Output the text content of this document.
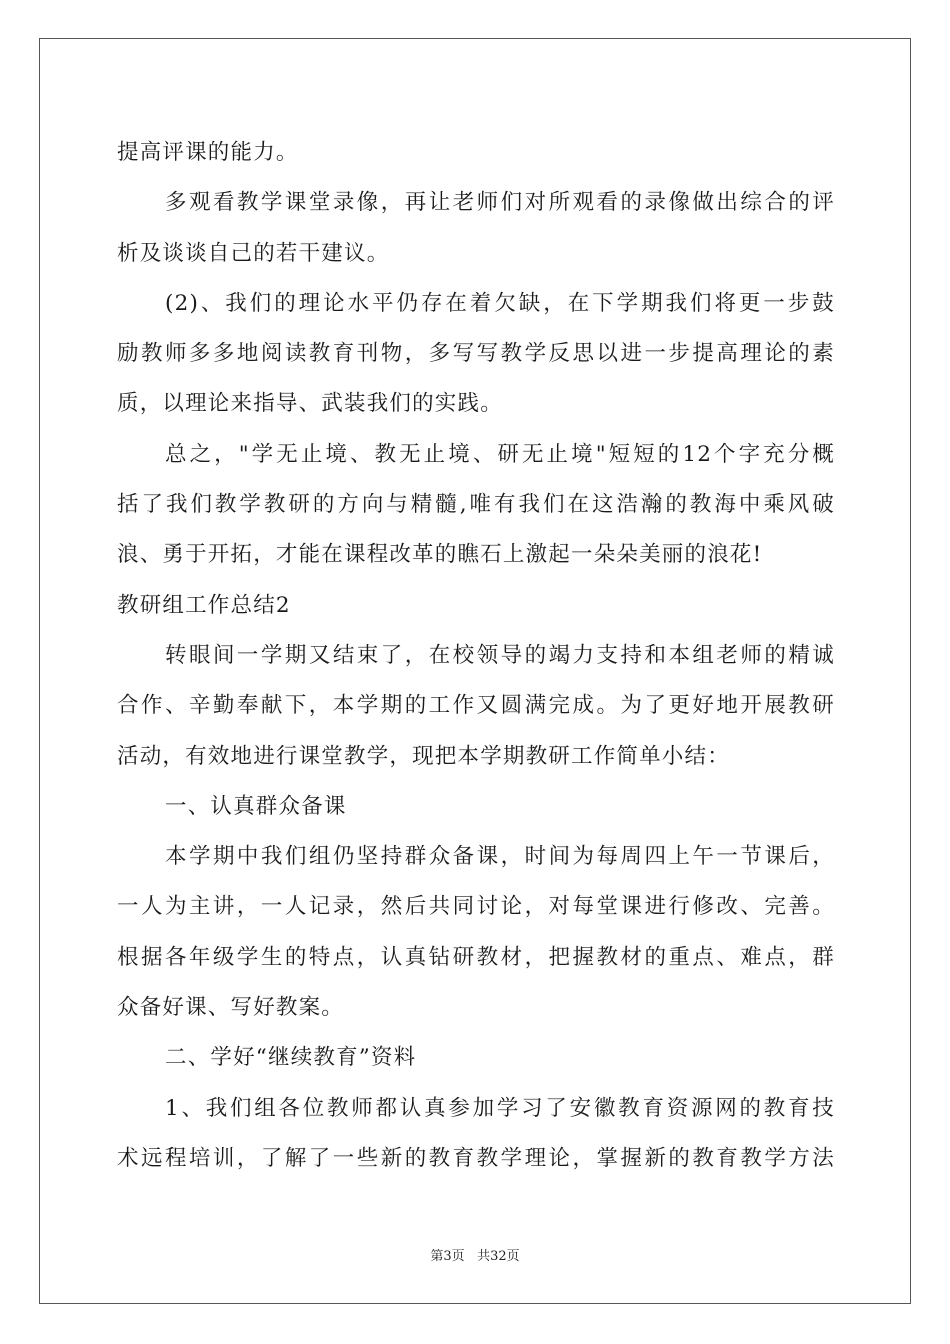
提高评课的能力。
多观看教学课堂录像，再让老师们对所观看的录像做出综合的评
析及谈谈自己的若干建议。
(2)、我们的理论水平仍存在着欠缺，在下学期我们将更一步鼓
励教师多多地阅读教育刊物，多写写教学反思以进一步提高理论的素
质，以理论来指导、武装我们的实践。
总之，"学无止境、教无止境、研无止境"短短的12个字充分概
括了我们教学教研的方向与精髓,唯有我们在这浩瀚的教海中乘风破
浪、勇于开拓，才能在课程改革的瞧石上激起一朵朵美丽的浪花!
教研组工作总结2
转眼间一学期又结束了，在校领导的竭力支持和本组老师的精诚
合作、辛勤奉献下，本学期的工作又圆满完成。为了更好地开展教研
活动，有效地进行课堂教学，现把本学期教研工作简单小结：
一、认真群众备课
本学期中我们组仍坚持群众备课，时间为每周四上午一节课后，
一人为主讲，一人记录，然后共同讨论，对每堂课进行修改、完善。
根据各年级学生的特点，认真钻研教材，把握教材的重点、难点，群
众备好课、写好教案。
二、学好“继续教育”资料
1、我们组各位教师都认真参加学习了安徽教育资源网的教育技
术远程培训，了解了一些新的教育教学理论，掌握新的教育教学方法
第3页 共32页
